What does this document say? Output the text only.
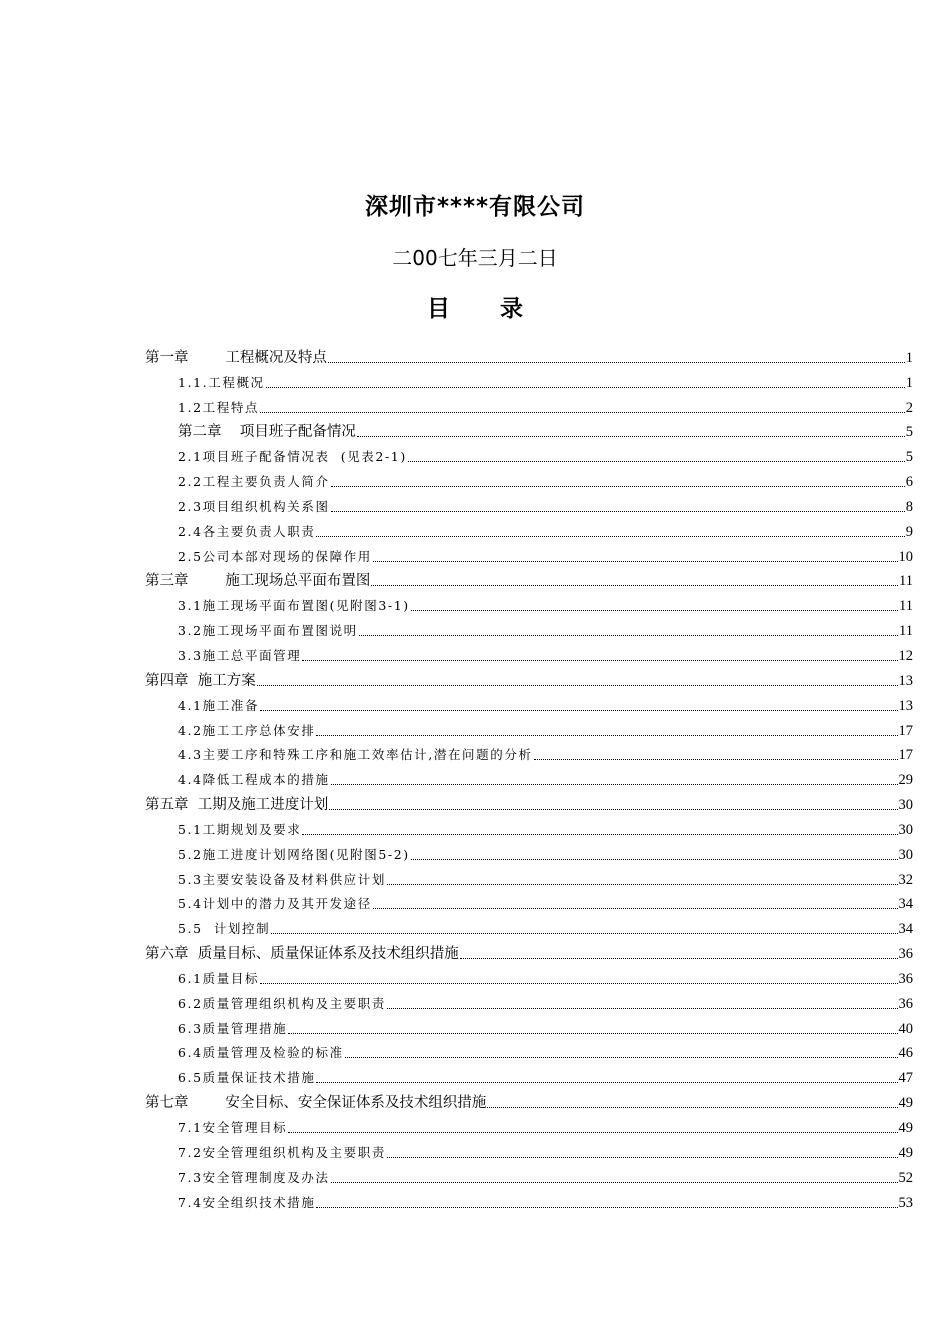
深圳市****有限公司
二00七年三月二日
目录
第一章        工程概况及特点	1
1.1.工程概况	1
1.2工程特点	2
第二章    项目班子配备情况	5
2.1项目班子配备情况表  (见表2-1)	5
2.2工程主要负责人简介	6
2.3项目组织机构关系图	8
2.4各主要负责人职责	9
2.5公司本部对现场的保障作用	10
第三章        施工现场总平面布置图	11
3.1施工现场平面布置图(见附图3-1)	11
3.2施工现场平面布置图说明	11
3.3施工总平面管理	12
第四章  施工方案	13
4.1施工准备	13
4.2施工工序总体安排	17
4.3主要工序和特殊工序和施工效率估计,潜在问题的分析	17
4.4降低工程成本的措施	29
第五章  工期及施工进度计划	30
5.1工期规划及要求	30
5.2施工进度计划网络图(见附图5-2)	30
5.3主要安装设备及材料供应计划	32
5.4计划中的潜力及其开发途径	34
5.5  计划控制	34
第六章  质量目标、质量保证体系及技术组织措施	36
6.1质量目标	36
6.2质量管理组织机构及主要职责	36
6.3质量管理措施	40
6.4质量管理及检验的标准	46
6.5质量保证技术措施	47
第七章        安全目标、安全保证体系及技术组织措施	49
7.1安全管理目标	49
7.2安全管理组织机构及主要职责	49
7.3安全管理制度及办法	52
7.4安全组织技术措施	53
